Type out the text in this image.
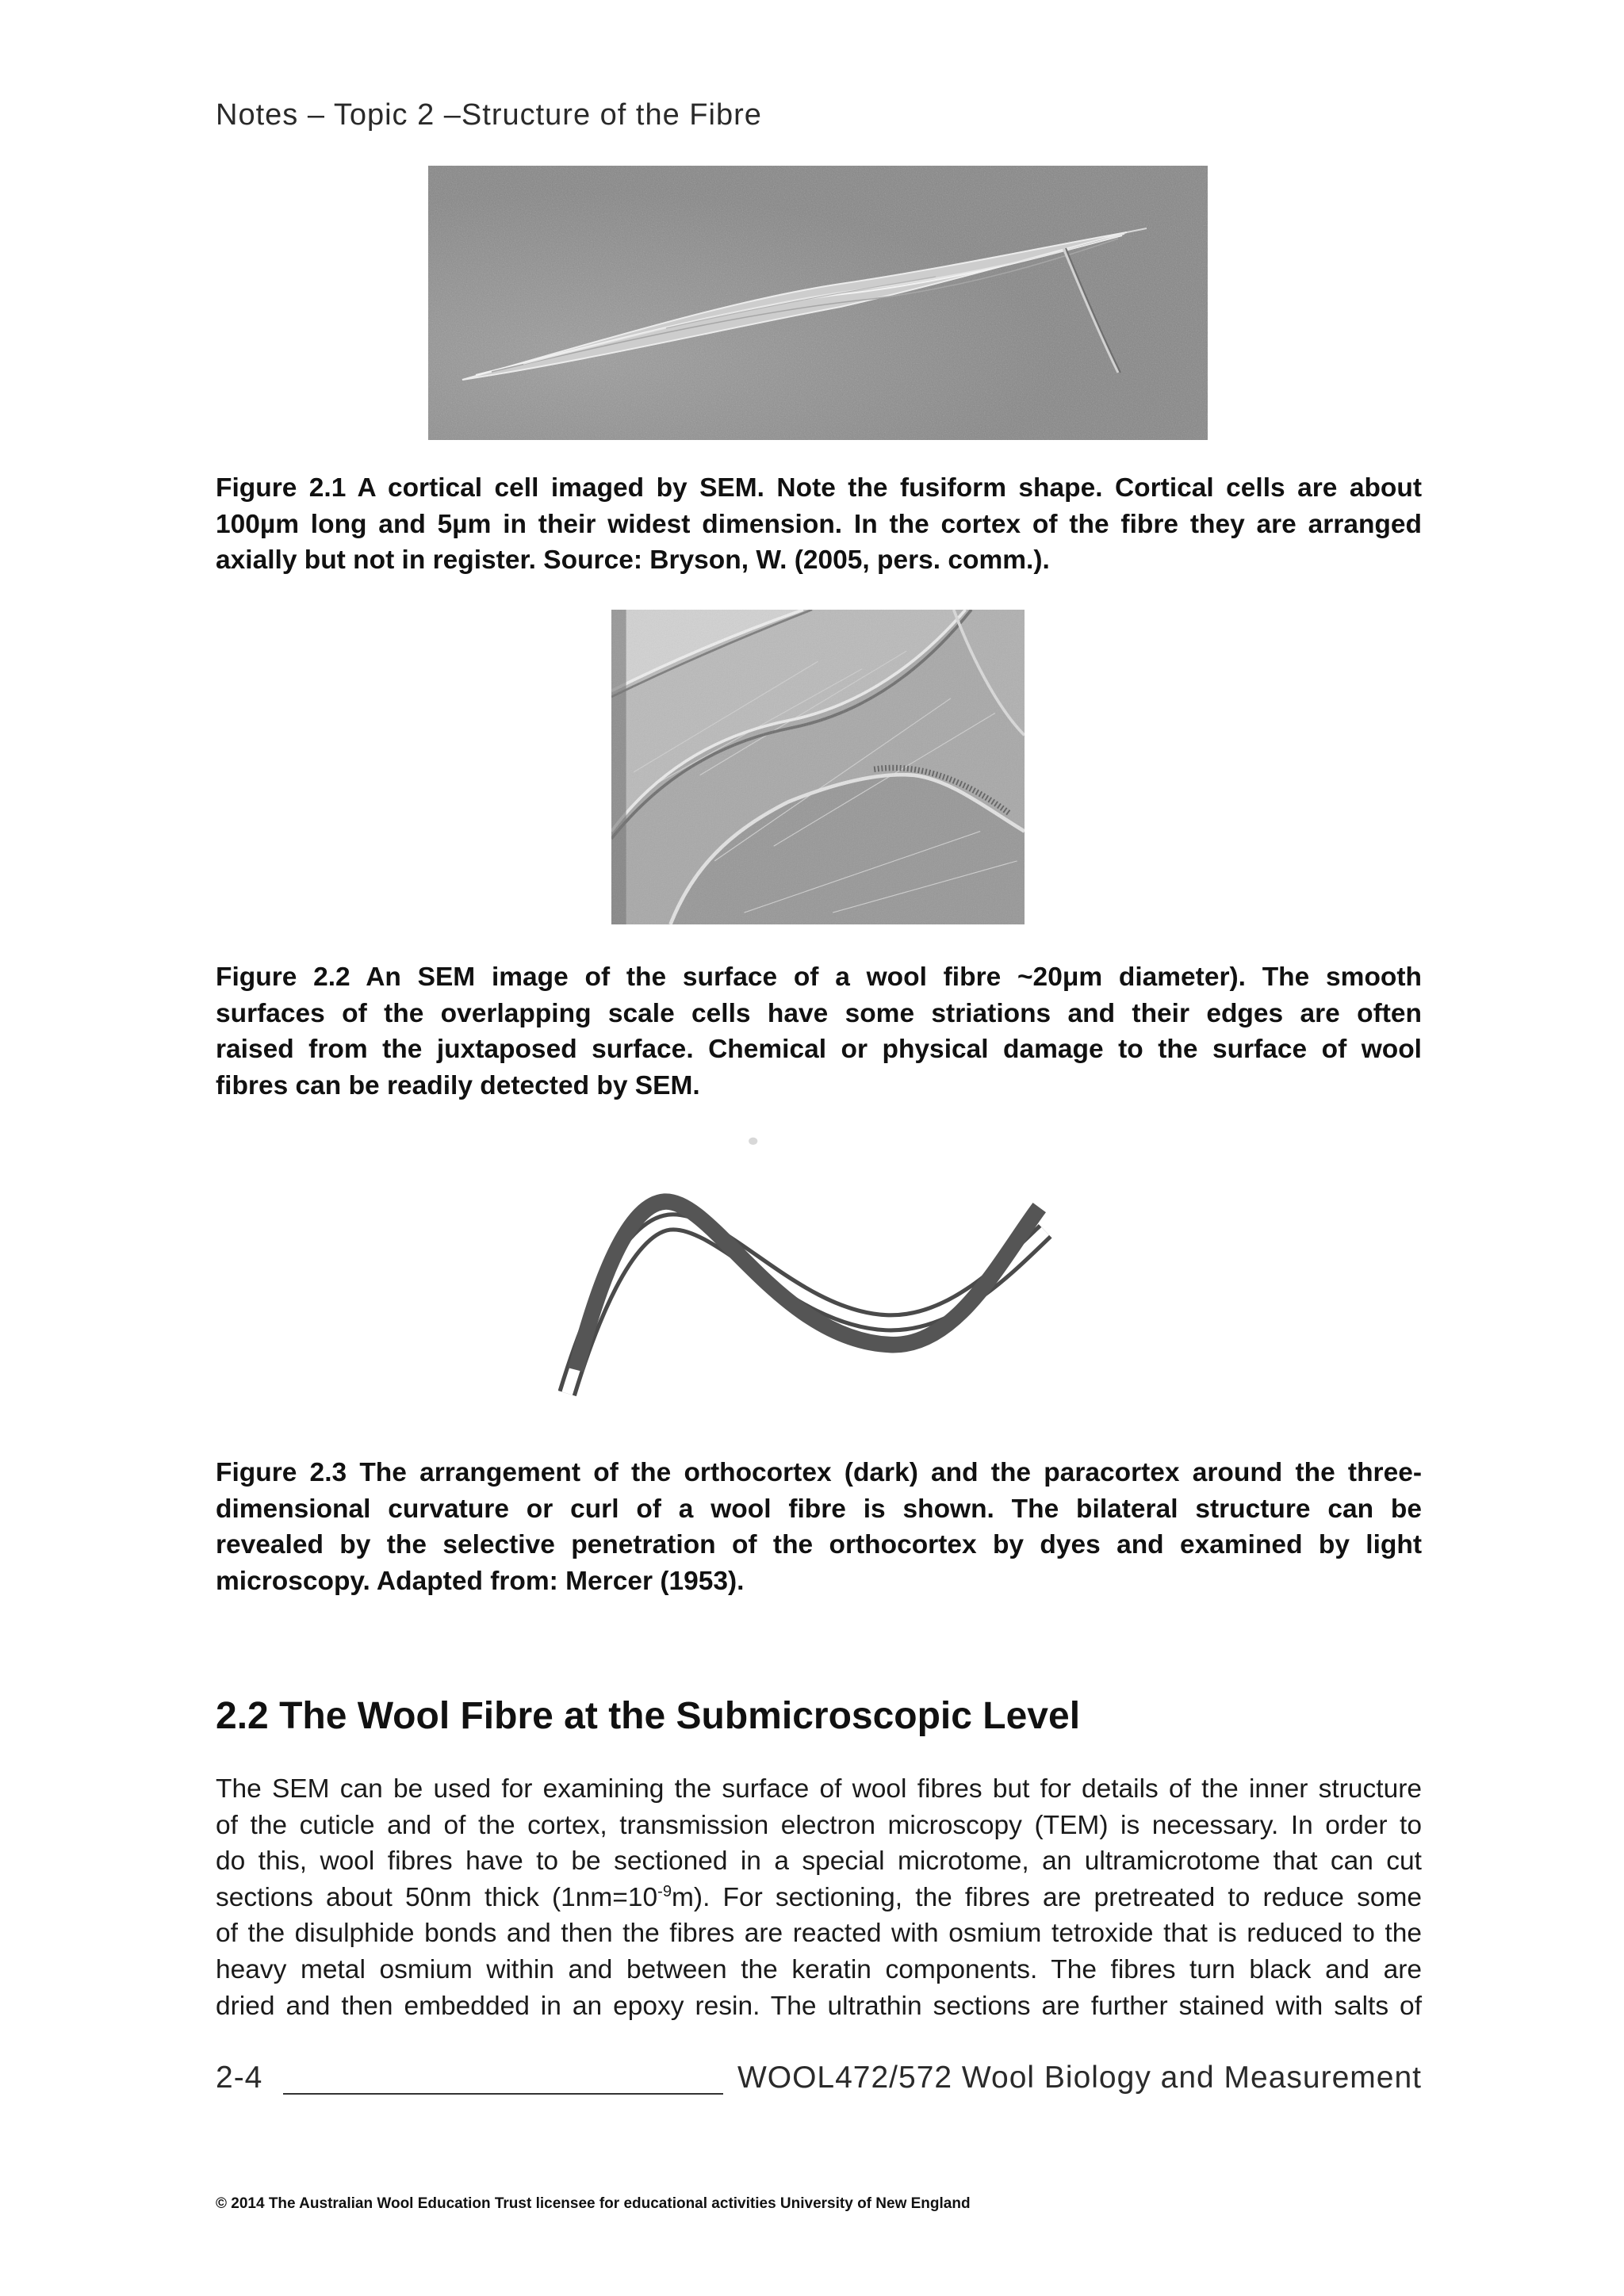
Notes – Topic 2 –Structure of the Fibre
Figure 2.1 A cortical cell imaged by SEM. Note the fusiform shape. Cortical cells are about
100µm long and 5µm in their widest dimension. In the cortex of the fibre they are arranged
axially but not in register. Source: Bryson, W. (2005, pers. comm.).
Figure 2.2 An SEM image of the surface of a wool fibre ~20μm diameter). The smooth
surfaces of the overlapping scale cells have some striations and their edges are often
raised from the juxtaposed surface. Chemical or physical damage to the surface of wool
fibres can be readily detected by SEM.
Figure 2.3 The arrangement of the orthocortex (dark) and the paracortex around the three-
dimensional curvature or curl of a wool fibre is shown. The bilateral structure can be
revealed by the selective penetration of the orthocortex by dyes and examined by light
microscopy. Adapted from: Mercer (1953).
2.2 The Wool Fibre at the Submicroscopic Level
The SEM can be used for examining the surface of wool fibres but for details of the inner structure
of the cuticle and of the cortex, transmission electron microscopy (TEM) is necessary. In order to
do this, wool fibres have to be sectioned in a special microtome, an ultramicrotome that can cut
sections about 50nm thick $(1nm=10^{-9}m)$. For sectioning, the fibres are pretreated to reduce some
of the disulphide bonds and then the fibres are reacted with osmium tetroxide that is reduced to the
heavy metal osmium within and between the keratin components. The fibres turn black and are
dried and then embedded in an epoxy resin. The ultrathin sections are further stained with salts of
2-4	WOOL472/572 Wool Biology and Measurement
© 2014 The Australian Wool Education Trust licensee for educational activities University of New England
